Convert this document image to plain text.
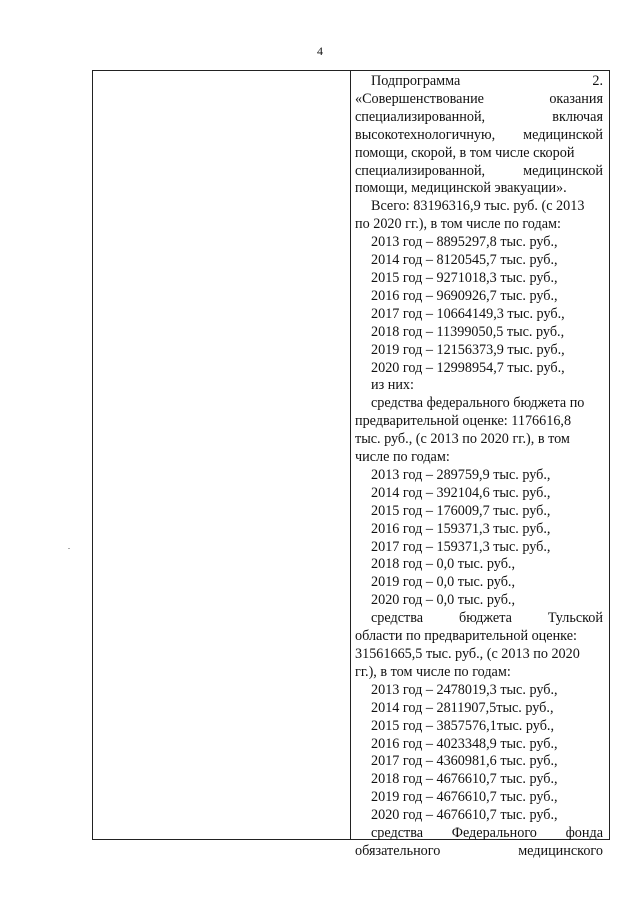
4
Подпрограмма	2.
«Совершенствование	оказания
специализированной,	включая
высокотехнологичную, медицинской
помощи, скорой, в том числе скорой
специализированной,	медицинской
помощи, медицинской эвакуации».
Всего: 83196316,9 тыс. руб. (с 2013
по 2020 гг.), в том числе по годам:
2013 год – 8895297,8 тыс. руб.,
2014 год – 8120545,7 тыс. руб.,
2015 год – 9271018,3 тыс. руб.,
2016 год – 9690926,7 тыс. руб.,
2017 год – 10664149,3 тыс. руб.,
2018 год – 11399050,5 тыс. руб.,
2019 год – 12156373,9 тыс. руб.,
2020 год – 12998954,7 тыс. руб.,
из них:
средства федерального бюджета по
предварительной оценке: 1176616,8
тыс. руб., (с 2013 по 2020 гг.), в том
числе по годам:
2013 год – 289759,9 тыс. руб.,
2014 год – 392104,6 тыс. руб.,
2015 год – 176009,7 тыс. руб.,
2016 год – 159371,3 тыс. руб.,
2017 год – 159371,3 тыс. руб.,
2018 год – 0,0 тыс. руб.,
2019 год – 0,0 тыс. руб.,
2020 год – 0,0 тыс. руб.,
средства	бюджета	Тульской
области по предварительной оценке:
31561665,5 тыс. руб., (с 2013 по 2020
гг.), в том числе по годам:
2013 год – 2478019,3 тыс. руб.,
2014 год – 2811907,5тыс. руб.,
2015 год – 3857576,1тыс. руб.,
2016 год – 4023348,9 тыс. руб.,
2017 год – 4360981,6 тыс. руб.,
2018 год – 4676610,7 тыс. руб.,
2019 год – 4676610,7 тыс. руб.,
2020 год – 4676610,7 тыс. руб.,
средства Федерального фонда
обязательного	медицинского
